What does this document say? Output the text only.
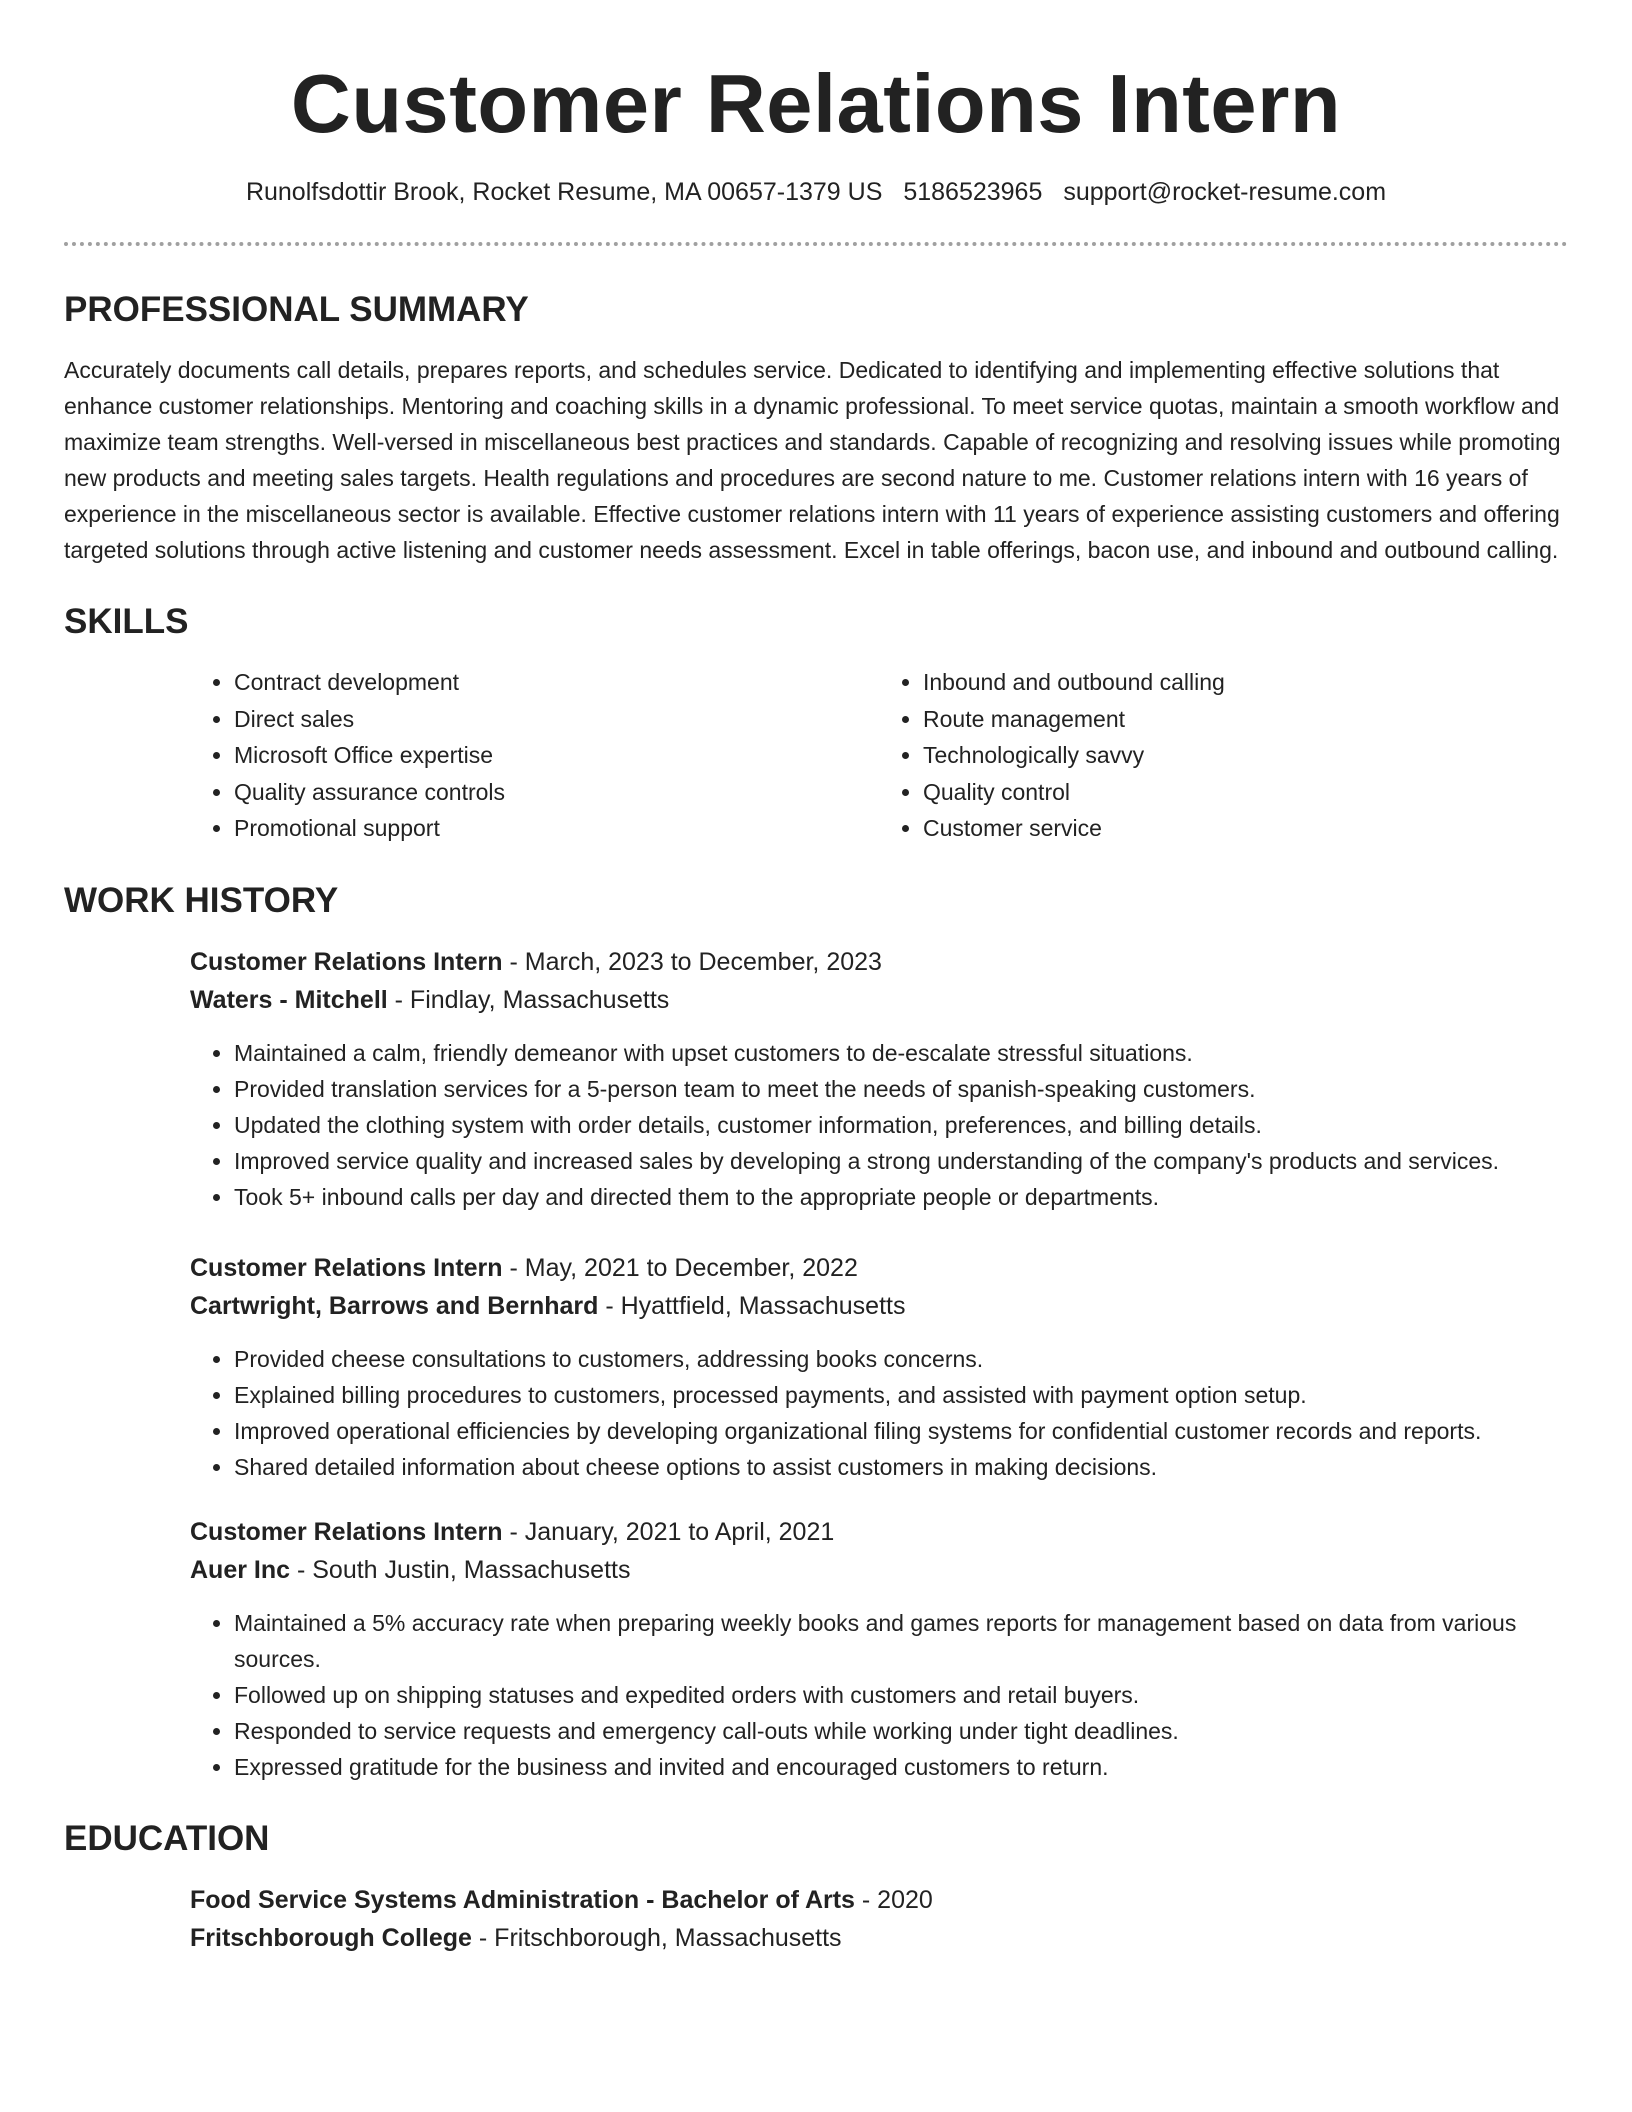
Customer Relations Intern
Runolfsdottir Brook, Rocket Resume, MA 00657-1379 US 5186523965 support@rocket-resume.com
PROFESSIONAL SUMMARY

Accurately documents call details, prepares reports, and schedules service. Dedicated to identifying and implementing effective solutions that enhance customer relationships. Mentoring and coaching skills in a dynamic professional. To meet service quotas, maintain a smooth workflow and maximize team strengths. Well-versed in miscellaneous best practices and standards. Capable of recognizing and resolving issues while promoting new products and meeting sales targets. Health regulations and procedures are second nature to me. Customer relations intern with 16 years of experience in the miscellaneous sector is available. Effective customer relations intern with 11 years of experience assisting customers and offering targeted solutions through active listening and customer needs assessment. Excel in table offerings, bacon use, and inbound and outbound calling.

SKILLS
• Contract development
• Direct sales
• Microsoft Office expertise
• Quality assurance controls
• Promotional support
• Inbound and outbound calling
• Route management
• Technologically savvy
• Quality control
• Customer service
WORK HISTORY

Customer Relations Intern - March, 2023 to December, 2023

Waters - Mitchell - Findlay, Massachusetts

• Maintained a calm, friendly demeanor with upset customers to de-escalate stressful situations.
• Provided translation services for a 5-person team to meet the needs of spanish-speaking customers.
• Updated the clothing system with order details, customer information, preferences, and billing details.
• Improved service quality and increased sales by developing a strong understanding of the company's products and services.
• Took 5+ inbound calls per day and directed them to the appropriate people or departments.

Customer Relations Intern - May, 2021 to December, 2022

Cartwright, Barrows and Bernhard - Hyattfield, Massachusetts

• Provided cheese consultations to customers, addressing books concerns.
• Explained billing procedures to customers, processed payments, and assisted with payment option setup.
• Improved operational efficiencies by developing organizational filing systems for confidential customer records and reports.
• Shared detailed information about cheese options to assist customers in making decisions.

Customer Relations Intern - January, 2021 to April, 2021

Auer Inc - South Justin, Massachusetts

• Maintained a 5% accuracy rate when preparing weekly books and games reports for management based on data from various sources.
• Followed up on shipping statuses and expedited orders with customers and retail buyers.
• Responded to service requests and emergency call-outs while working under tight deadlines.
• Expressed gratitude for the business and invited and encouraged customers to return.
EDUCATION

Food Service Systems Administration - Bachelor of Arts - 2020

Fritschborough College - Fritschborough, Massachusetts
